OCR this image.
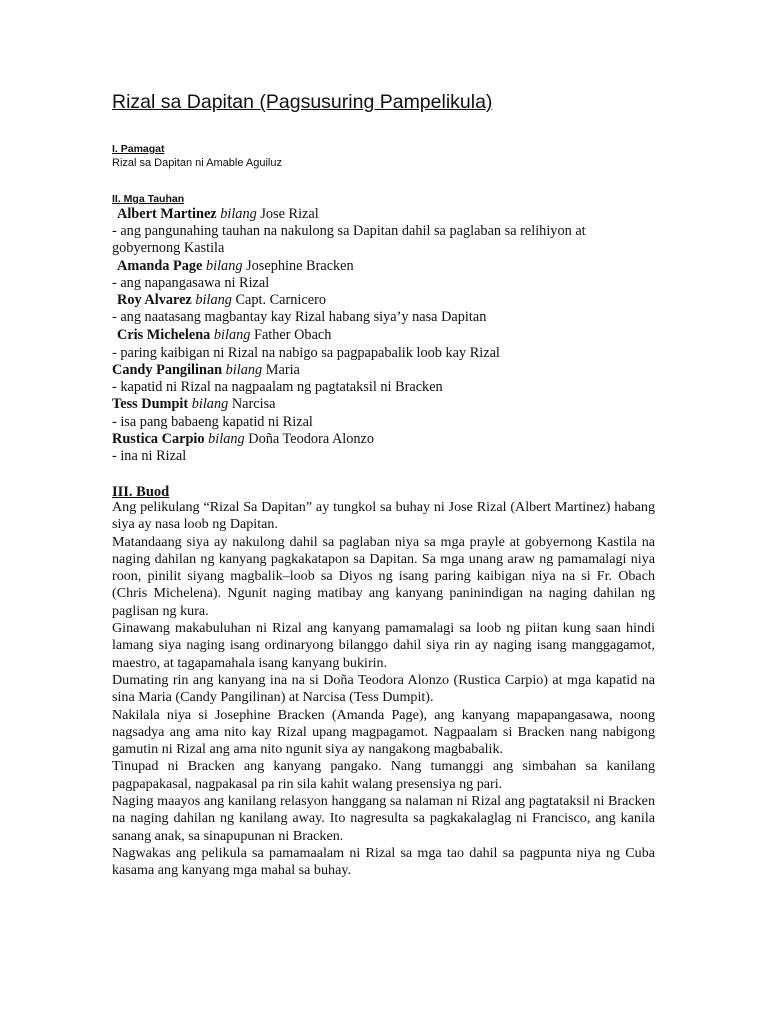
Rizal sa Dapitan (Pagsusuring Pampelikula)
I. Pamagat
Rizal sa Dapitan ni Amable Aguiluz
II. Mga Tauhan
Albert Martinez bilang Jose Rizal
- ang pangunahing tauhan na nakulong sa Dapitan dahil sa paglaban sa relihiyon at
gobyernong Kastila
Amanda Page bilang Josephine Bracken
- ang napangasawa ni Rizal
Roy Alvarez bilang Capt. Carnicero
- ang naatasang magbantay kay Rizal habang siya’y nasa Dapitan
Cris Michelena bilang Father Obach
- paring kaibigan ni Rizal na nabigo sa pagpapabalik loob kay Rizal
Candy Pangilinan bilang Maria
- kapatid ni Rizal na nagpaalam ng pagtataksil ni Bracken
Tess Dumpit bilang Narcisa
- isa pang babaeng kapatid ni Rizal
Rustica Carpio bilang Doña Teodora Alonzo
- ina ni Rizal
III. Buod

Ang pelikulang “Rizal Sa Dapitan” ay tungkol sa buhay ni Jose Rizal (Albert Martinez) habang siya ay nasa loob ng Dapitan.

Matandaang siya ay nakulong dahil sa paglaban niya sa mga prayle at gobyernong Kastila na naging dahilan ng kanyang pagkakatapon sa Dapitan. Sa mga unang araw ng pamamalagi niya roon, pinilit siyang magbalik–loob sa Diyos ng isang paring kaibigan niya na si Fr. Obach (Chris Michelena). Ngunit naging matibay ang kanyang paninindigan na naging dahilan ng paglisan ng kura.

Ginawang makabuluhan ni Rizal ang kanyang pamamalagi sa loob ng piitan kung saan hindi lamang siya naging isang ordinaryong bilanggo dahil siya rin ay naging isang manggagamot, maestro, at tagapamahala isang kanyang bukirin.

Dumating rin ang kanyang ina na si Doña Teodora Alonzo (Rustica Carpio) at mga kapatid na sina Maria (Candy Pangilinan) at Narcisa (Tess Dumpit).

Nakilala niya si Josephine Bracken (Amanda Page), ang kanyang mapapangasawa, noong nagsadya ang ama nito kay Rizal upang magpagamot. Nagpaalam si Bracken nang nabigong gamutin ni Rizal ang ama nito ngunit siya ay nangakong magbabalik.

Tinupad ni Bracken ang kanyang pangako. Nang tumanggi ang simbahan sa kanilang pagpapakasal, nagpakasal pa rin sila kahit walang presensiya ng pari.

Naging maayos ang kanilang relasyon hanggang sa nalaman ni Rizal ang pagtataksil ni Bracken na naging dahilan ng kanilang away. Ito nagresulta sa pagkakalaglag ni Francisco, ang kanila sanang anak, sa sinapupunan ni Bracken.

Nagwakas ang pelikula sa pamamaalam ni Rizal sa mga tao dahil sa pagpunta niya ng Cuba kasama ang kanyang mga mahal sa buhay.
